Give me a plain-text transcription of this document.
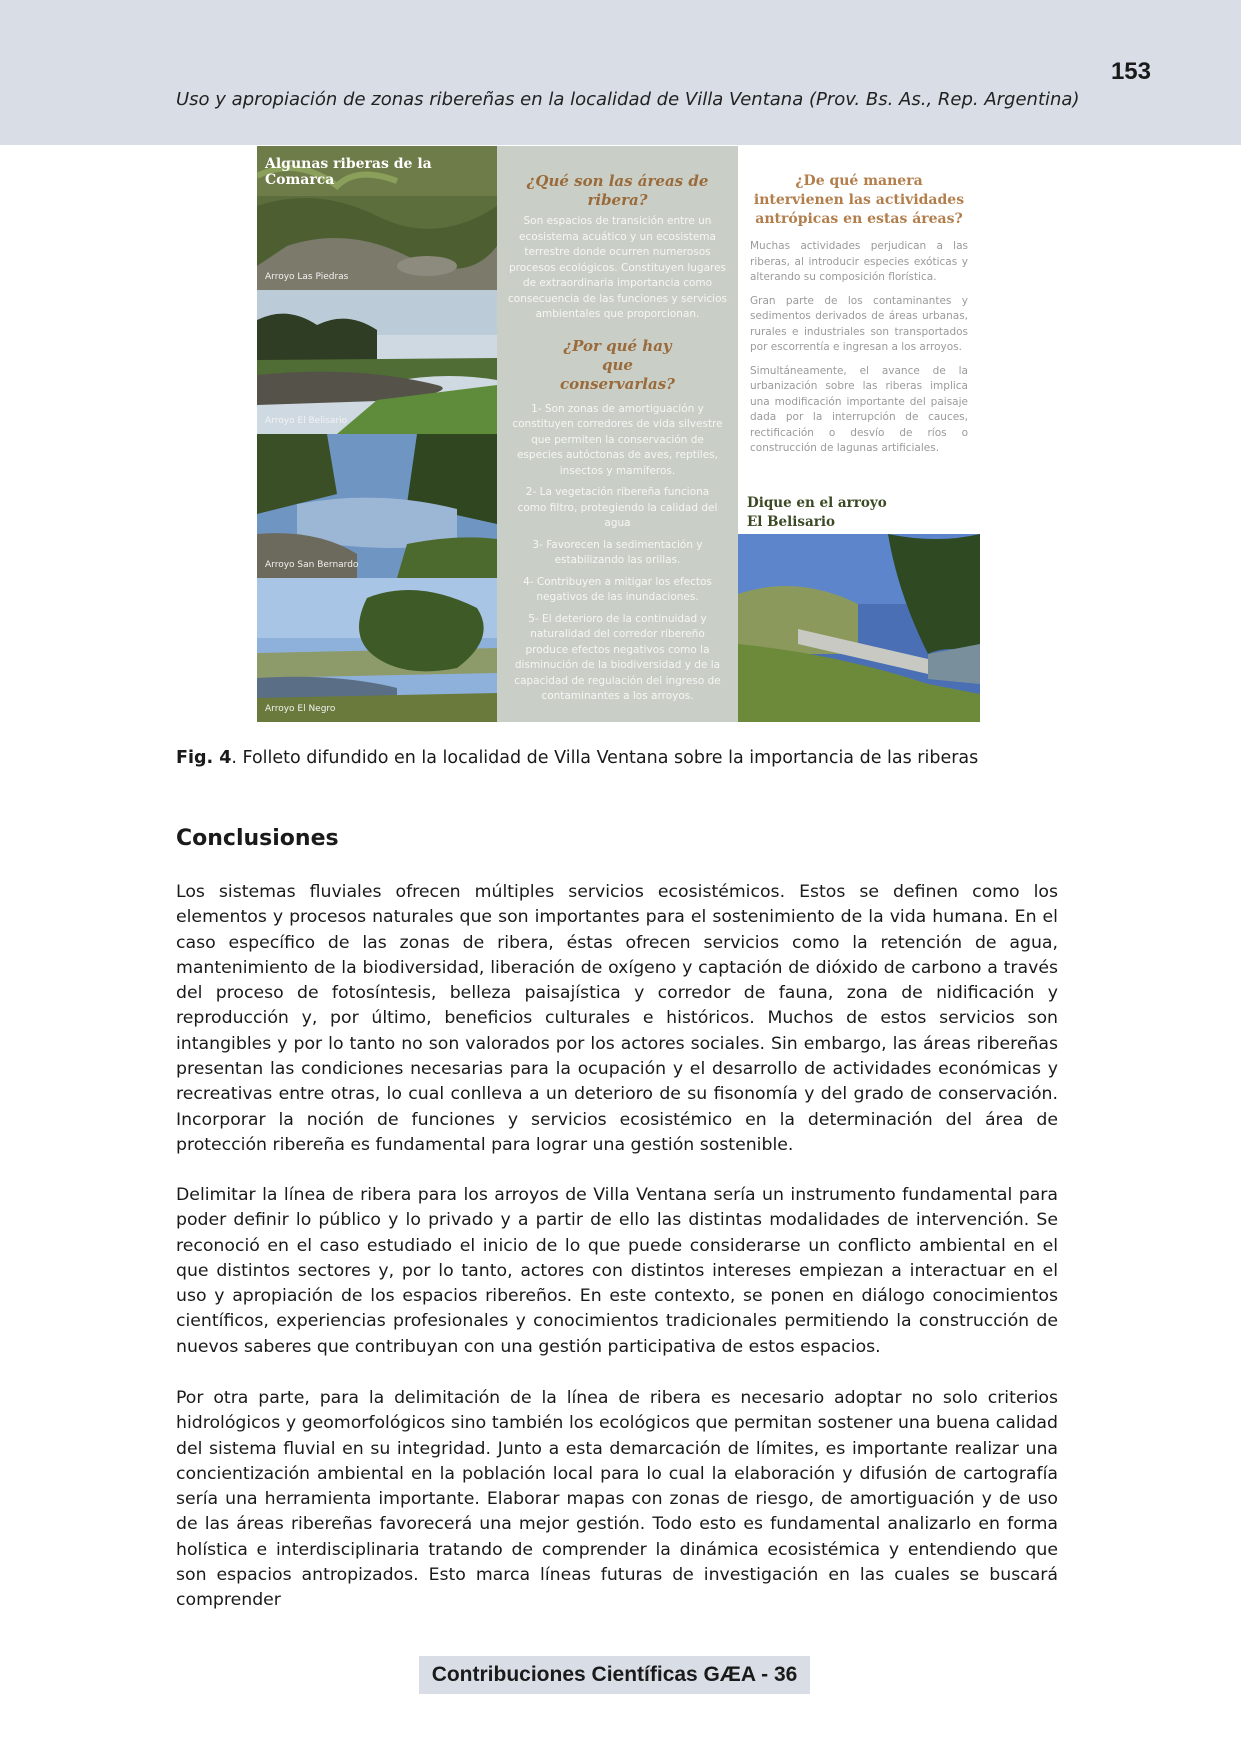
153
Uso y apropiación de zonas ribereñas en la localidad de Villa Ventana (Prov. Bs. As., Rep. Argentina)
Algunas riberas de la Comarca
Arroyo Las Piedras
Arroyo El Belisario
Arroyo San Bernardo
Arroyo El Negro
¿Qué son las áreas de ribera?

Son espacios de transición entre un ecosistema acuático y un ecosistema terrestre donde ocurren numerosos procesos ecológicos. Constituyen lugares de extraordinaria importancia como consecuencia de las funciones y servicios ambientales que proporcionan.

¿Por qué hay que conservarlas?
1- Son zonas de amortiguación y constituyen corredores de vida silvestre que permiten la conservación de especies autóctonas de aves, reptiles, insectos y mamíferos.
2- La vegetación ribereña funciona como filtro, protegiendo la calidad del agua
3- Favorecen la sedimentación y estabilizando las orillas.
4- Contribuyen a mitigar los efectos negativos de las inundaciones.
5- El deterioro de la continuidad y naturalidad del corredor ribereño produce efectos negativos como la disminución de la biodiversidad y de la capacidad de regulación del ingreso de contaminantes a los arroyos.
¿De qué manera intervienen las actividades antrópicas en estas áreas?

Muchas actividades perjudican a las riberas, al introducir especies exóticas y alterando su composición florística.

Gran parte de los contaminantes y sedimentos derivados de áreas urbanas, rurales e industriales son transportados por escorrentía e ingresan a los arroyos.

Simultáneamente, el avance de la urbanización sobre las riberas implica una modificación importante del paisaje dada por la interrupción de cauces, rectificación o desvío de ríos o construcción de lagunas artificiales.

Dique en el arroyo El Belisario
Fig. 4. Folleto difundido en la localidad de Villa Ventana sobre la importancia de las riberas
Conclusiones

Los sistemas fluviales ofrecen múltiples servicios ecosistémicos. Estos se definen como los elementos y procesos naturales que son importantes para el sostenimiento de la vida humana. En el caso específico de las zonas de ribera, éstas ofrecen servicios como la retención de agua, mantenimiento de la biodiversidad, liberación de oxígeno y captación de dióxido de carbono a través del proceso de fotosíntesis, belleza paisajística y corredor de fauna, zona de nidificación y reproducción y, por último, beneficios culturales e históricos. Muchos de estos servicios son intangibles y por lo tanto no son valorados por los actores sociales. Sin embargo, las áreas ribereñas presentan las condiciones necesarias para la ocupación y el desarrollo de actividades económicas y recreativas entre otras, lo cual conlleva a un deterioro de su fisonomía y del grado de conservación. Incorporar la noción de funciones y servicios ecosistémico en la determinación del área de protección ribereña es fundamental para lograr una gestión sostenible.

Delimitar la línea de ribera para los arroyos de Villa Ventana sería un instrumento fundamental para poder definir lo público y lo privado y a partir de ello las distintas modalidades de intervención. Se reconoció en el caso estudiado el inicio de lo que puede considerarse un conflicto ambiental en el que distintos sectores y, por lo tanto, actores con distintos intereses empiezan a interactuar en el uso y apropiación de los espacios ribereños. En este contexto, se ponen en diálogo conocimientos científicos, experiencias profesionales y conocimientos tradicionales permitiendo la construcción de nuevos saberes que contribuyan con una gestión participativa de estos espacios.

Por otra parte, para la delimitación de la línea de ribera es necesario adoptar no solo criterios hidrológicos y geomorfológicos sino también los ecológicos que permitan sostener una buena calidad del sistema fluvial en su integridad. Junto a esta demarcación de límites, es importante realizar una concientización ambiental en la población local para lo cual la elaboración y difusión de cartografía sería una herramienta importante. Elaborar mapas con zonas de riesgo, de amortiguación y de uso de las áreas ribereñas favorecerá una mejor gestión. Todo esto es fundamental analizarlo en forma holística e interdisciplinaria tratando de comprender la dinámica ecosistémica y entendiendo que son espacios antropizados. Esto marca líneas futuras de investigación en las cuales se buscará comprender

Contribuciones Científicas GÆA - 36
